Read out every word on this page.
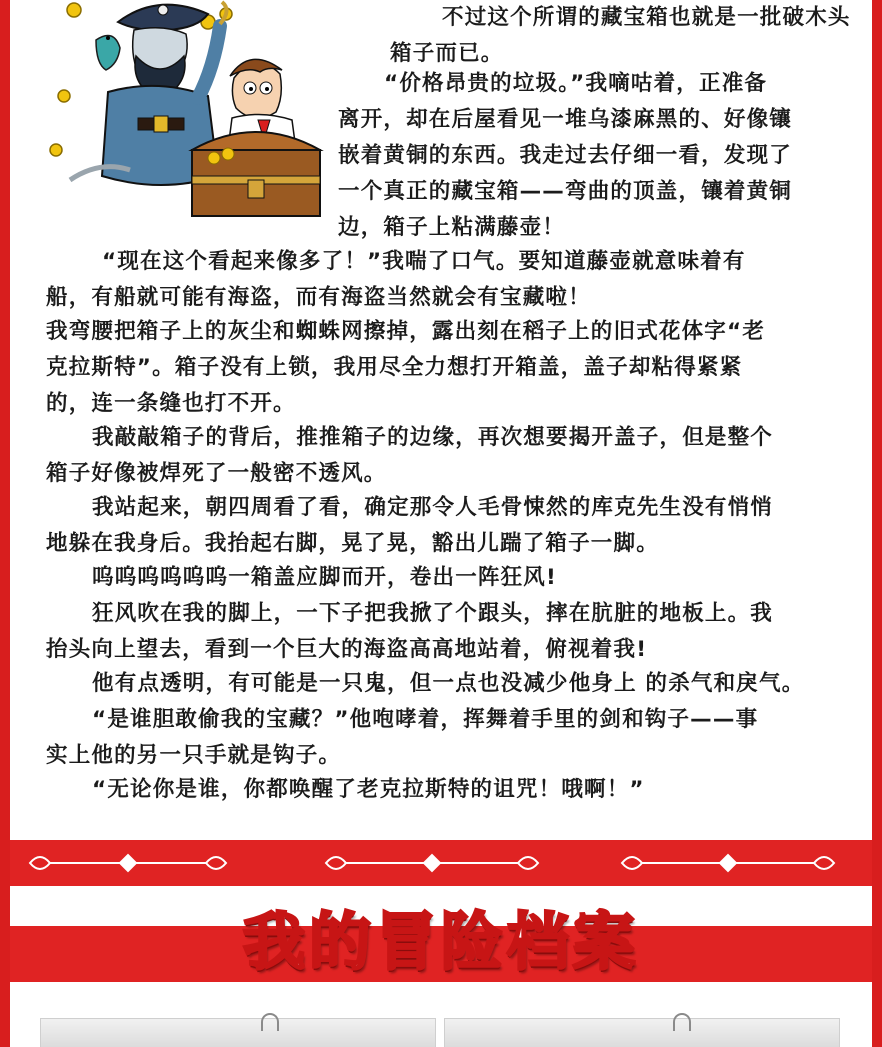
不过这个所谓的藏宝箱也就是一批破木头
箱子而已。
“价格昂贵的垃圾。”我嘀咕着，正准备
离开，却在后屋看见一堆乌漆麻黑的、好像镶
嵌着黄铜的东西。我走过去仔细一看，发现了
一个真正的藏宝箱——弯曲的顶盖，镶着黄铜
边，箱子上粘满藤壶！
“现在这个看起来像多了！”我喘了口气。要知道藤壶就意味着有
船，有船就可能有海盗，而有海盗当然就会有宝藏啦！
我弯腰把箱子上的灰尘和蜘蛛网擦掉，露出刻在稻子上的旧式花体字“老
克拉斯特”。箱子没有上锁，我用尽全力想打开箱盖，盖子却粘得紧紧
的，连一条缝也打不开。
我敲敲箱子的背后，推推箱子的边缘，再次想要揭开盖子，但是整个
箱子好像被焊死了一般密不透风。
我站起来，朝四周看了看，确定那令人毛骨悚然的库克先生没有悄悄
地躲在我身后。我抬起右脚，晃了晃，豁出儿踹了箱子一脚。
呜呜呜呜呜呜一箱盖应脚而开，卷出一阵狂风!
狂风吹在我的脚上，一下子把我掀了个跟头，摔在肮脏的地板上。我
抬头向上望去，看到一个巨大的海盗高高地站着，俯视着我!
他有点透明，有可能是一只鬼，但一点也没减少他身上 的杀气和戾气。
“是谁胆敢偷我的宝藏？”他咆哮着，挥舞着手里的剑和钩子——事
实上他的另一只手就是钩子。
“无论你是谁，你都唤醒了老克拉斯特的诅咒！哦啊！”
我的冒险档案
